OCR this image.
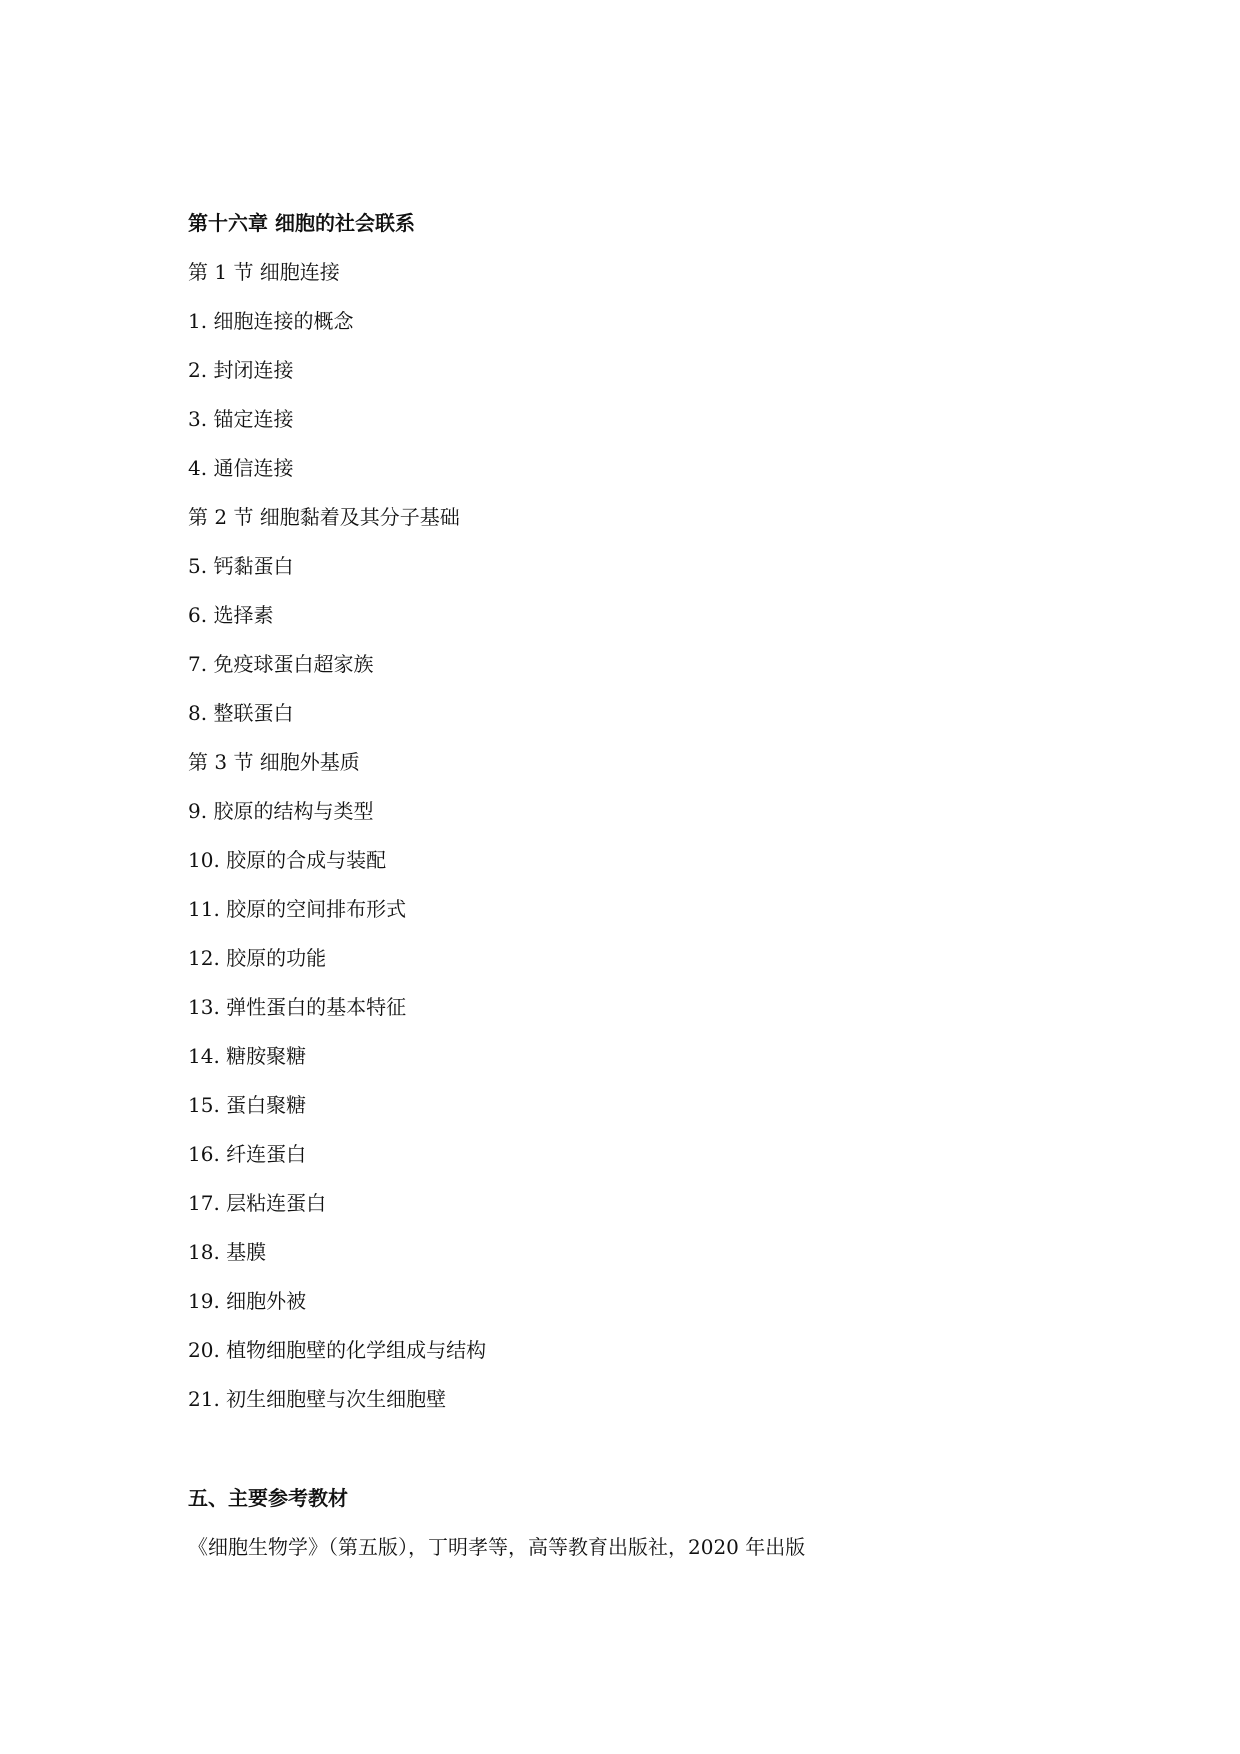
第十六章 细胞的社会联系
第 1 节 细胞连接
1. 细胞连接的概念
2. 封闭连接
3. 锚定连接
4. 通信连接
第 2 节 细胞黏着及其分子基础
5. 钙黏蛋白
6. 选择素
7. 免疫球蛋白超家族
8. 整联蛋白
第 3 节 细胞外基质
9. 胶原的结构与类型
10. 胶原的合成与装配
11. 胶原的空间排布形式
12. 胶原的功能
13. 弹性蛋白的基本特征
14. 糖胺聚糖
15. 蛋白聚糖
16. 纤连蛋白
17. 层粘连蛋白
18. 基膜
19. 细胞外被
20. 植物细胞壁的化学组成与结构
21. 初生细胞壁与次生细胞壁
五、主要参考教材
《细胞生物学》（第五版），丁明孝等，高等教育出版社，2020 年出版
